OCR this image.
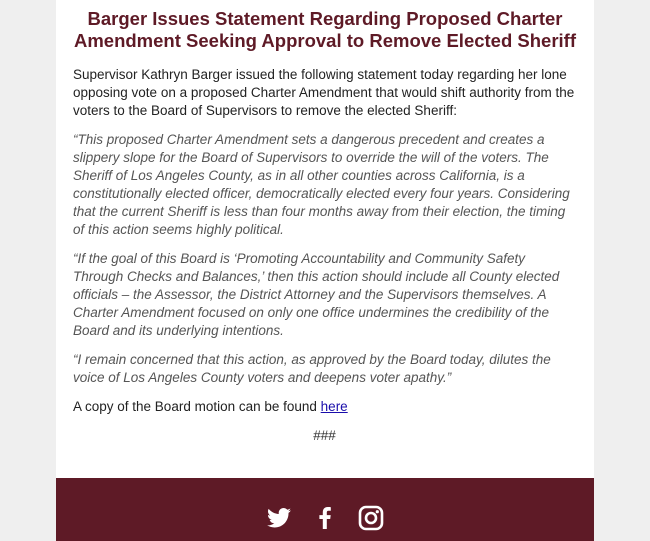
Barger Issues Statement Regarding Proposed Charter Amendment Seeking Approval to Remove Elected Sheriff

Supervisor Kathryn Barger issued the following statement today regarding her lone opposing vote on a proposed Charter Amendment that would shift authority from the voters to the Board of Supervisors to remove the elected Sheriff:

“This proposed Charter Amendment sets a dangerous precedent and creates a slippery slope for the Board of Supervisors to override the will of the voters. The Sheriff of Los Angeles County, as in all other counties across California, is a constitutionally elected officer, democratically elected every four years. Considering that the current Sheriff is less than four months away from their election, the timing of this action seems highly political.

“If the goal of this Board is ‘Promoting Accountability and Community Safety Through Checks and Balances,’ then this action should include all County elected officials – the Assessor, the District Attorney and the Supervisors themselves. A Charter Amendment focused on only one office undermines the credibility of the Board and its underlying intentions.

“I remain concerned that this action, as approved by the Board today, dilutes the voice of Los Angeles County voters and deepens voter apathy.”

A copy of the Board motion can be found here

###
